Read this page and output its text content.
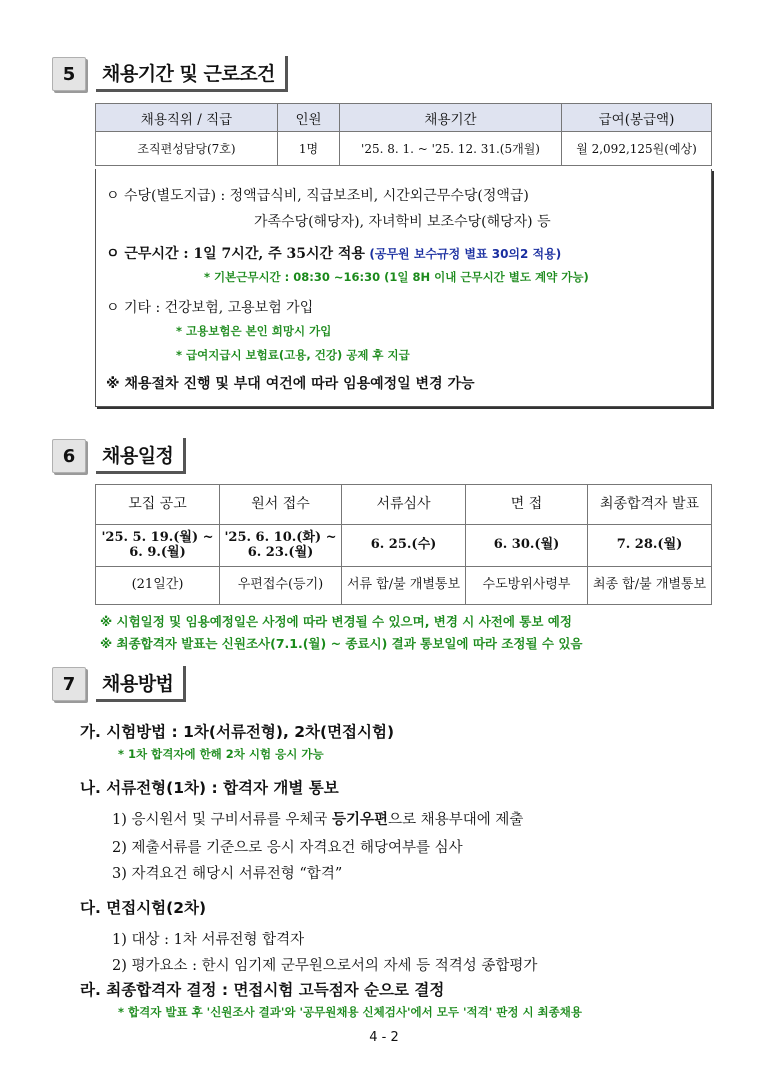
5	채용기간 및 근로조건
채용직위 / 직급	인원	채용기간	급여(봉급액)
조직편성담당(7호)	1명	'25. 8. 1. ~ '25. 12. 31.(5개월)	월 2,092,125원(예상)
ㅇ 수당(별도지급) : 정액급식비, 직급보조비, 시간외근무수당(정액급)
가족수당(해당자), 자녀학비 보조수당(해당자) 등
ㅇ 근무시간 : 1일 7시간, 주 35시간 적용 (공무원 보수규정 별표 30의2 적용)
* 기본근무시간 : 08:30 ~16:30 (1일 8H 이내 근무시간 별도 계약 가능)
ㅇ 기타 : 건강보험, 고용보험 가입
* 고용보험은 본인 희망시 가입
* 급여지급시 보험료(고용, 건강) 공제 후 지급
※ 채용절차 진행 및 부대 여건에 따라 임용예정일 변경 가능
6	채용일정
모집 공고	원서 접수	서류심사	면 접	최종합격자 발표
'25. 5. 19.(월) ~ 6. 9.(월)	'25. 6. 10.(화) ~ 6. 23.(월)	6. 25.(수)	6. 30.(월)	7. 28.(월)
(21일간)	우편접수(등기)	서류 합/불 개별통보	수도방위사령부	최종 합/불 개별통보
※ 시험일정 및 임용예정일은 사정에 따라 변경될 수 있으며, 변경 시 사전에 통보 예정
※ 최종합격자 발표는 신원조사(7.1.(월) ~ 종료시) 결과 통보일에 따라 조정될 수 있음
7	채용방법
가. 시험방법 : 1차(서류전형), 2차(면접시험)
* 1차 합격자에 한해 2차 시험 응시 가능
나. 서류전형(1차) : 합격자 개별 통보
1) 응시원서 및 구비서류를 우체국 등기우편으로 채용부대에 제출
2) 제출서류를 기준으로 응시 자격요건 해당여부를 심사
3) 자격요건 해당시 서류전형 “합격”
다. 면접시험(2차)
1) 대상 : 1차 서류전형 합격자
2) 평가요소 : 한시 임기제 군무원으로서의 자세 등 적격성 종합평가
라. 최종합격자 결정 : 면접시험 고득점자 순으로 결정
* 합격자 발표 후 '신원조사 결과'와 '공무원채용 신체검사'에서 모두 '적격' 판정 시 최종채용
4 - 2
